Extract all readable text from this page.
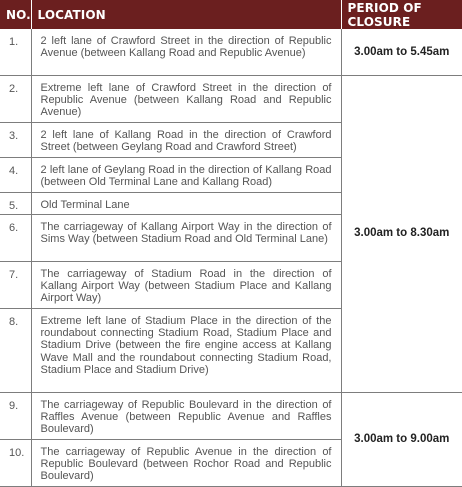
NO.	LOCATION	PERIOD OF CLOSURE
1.	2 left lane of Crawford Street in the direction of Republic Avenue (between Kallang Road and Republic Avenue)	3.00am to 5.45am
2.	Extreme left lane of Crawford Street in the direction of Republic Avenue (between Kallang Road and Republic Avenue)	3.00am to 8.30am
3.	2 left lane of Kallang Road in the direction of Crawford Street (between Geylang Road and Crawford Street)	
4.	2 left lane of Geylang Road in the direction of Kallang Road (between Old Terminal Lane and Kallang Road)	
5.	Old Terminal Lane	
6.	The carriageway of Kallang Airport Way in the direction of Sims Way (between Stadium Road and Old Terminal Lane)	
7.	The carriageway of Stadium Road in the direction of Kallang Airport Way (between Stadium Place and Kallang Airport Way)	
8.	Extreme left lane of Stadium Place in the direction of the roundabout connecting Stadium Road, Stadium Place and Stadium Drive (between the fire engine access at Kallang Wave Mall and the roundabout connecting Stadium Road, Stadium Place and Stadium Drive)	
9.	The carriageway of Republic Boulevard in the direction of Raffles Avenue (between Republic Avenue and Raffles Boulevard)	3.00am to 9.00am
10.	The carriageway of Republic Avenue in the direction of Republic Boulevard (between Rochor Road and Republic Boulevard)	
